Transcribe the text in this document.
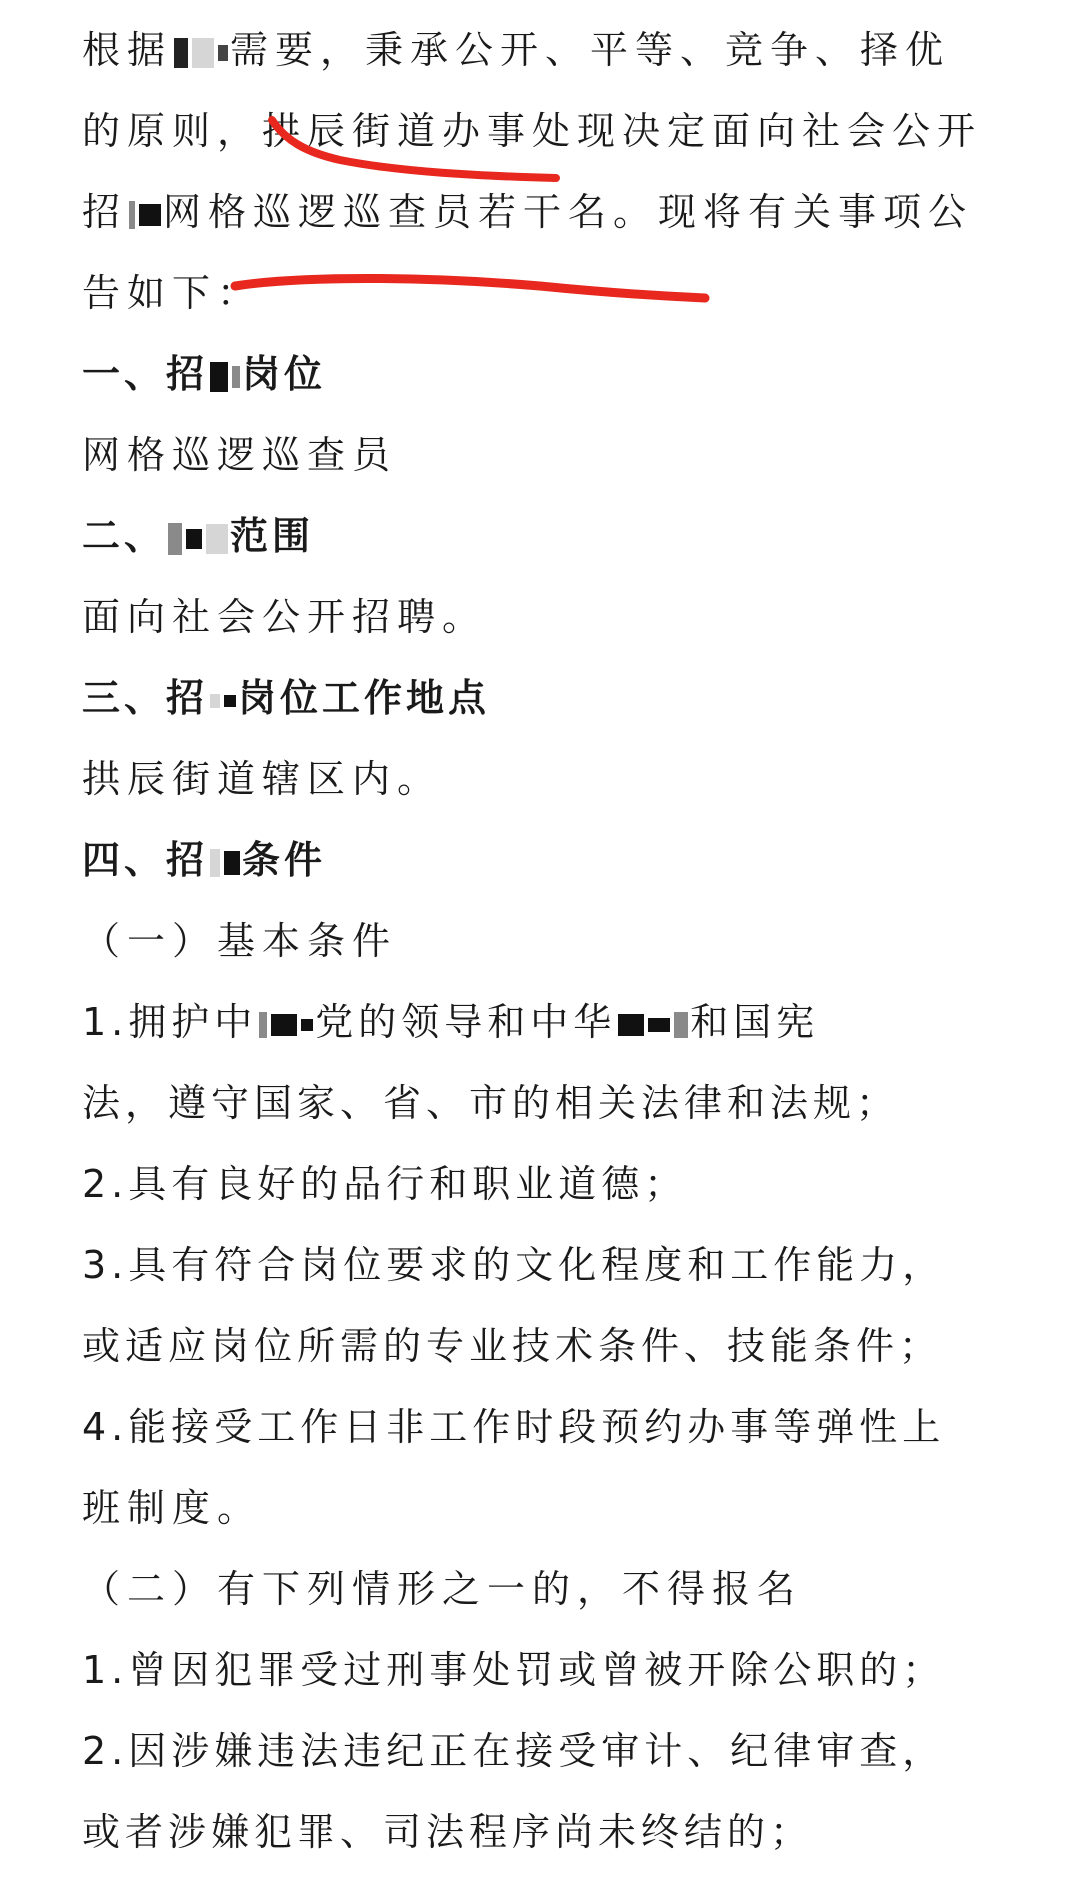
根据 需要，秉承公开、平等、竞争、择优
的原则，拱辰街道办事处现决定面向社会公开
招 网格巡逻巡查员若干名。现将有关事项公
告如下：
一、招 岗位
网格巡逻巡查员
二、 范围
面向社会公开招聘。
三、招 岗位工作地点
拱辰街道辖区内。
四、招 条件
（一）基本条件
1.拥护中 党的领导和中华 和国宪
法，遵守国家、省、市的相关法律和法规；
2.具有良好的品行和职业道德；
3.具有符合岗位要求的文化程度和工作能力，
或适应岗位所需的专业技术条件、技能条件；
4.能接受工作日非工作时段预约办事等弹性上
班制度。
（二）有下列情形之一的，不得报名
1.曾因犯罪受过刑事处罚或曾被开除公职的；
2.因涉嫌违法违纪正在接受审计、纪律审查，
或者涉嫌犯罪、司法程序尚未终结的；
